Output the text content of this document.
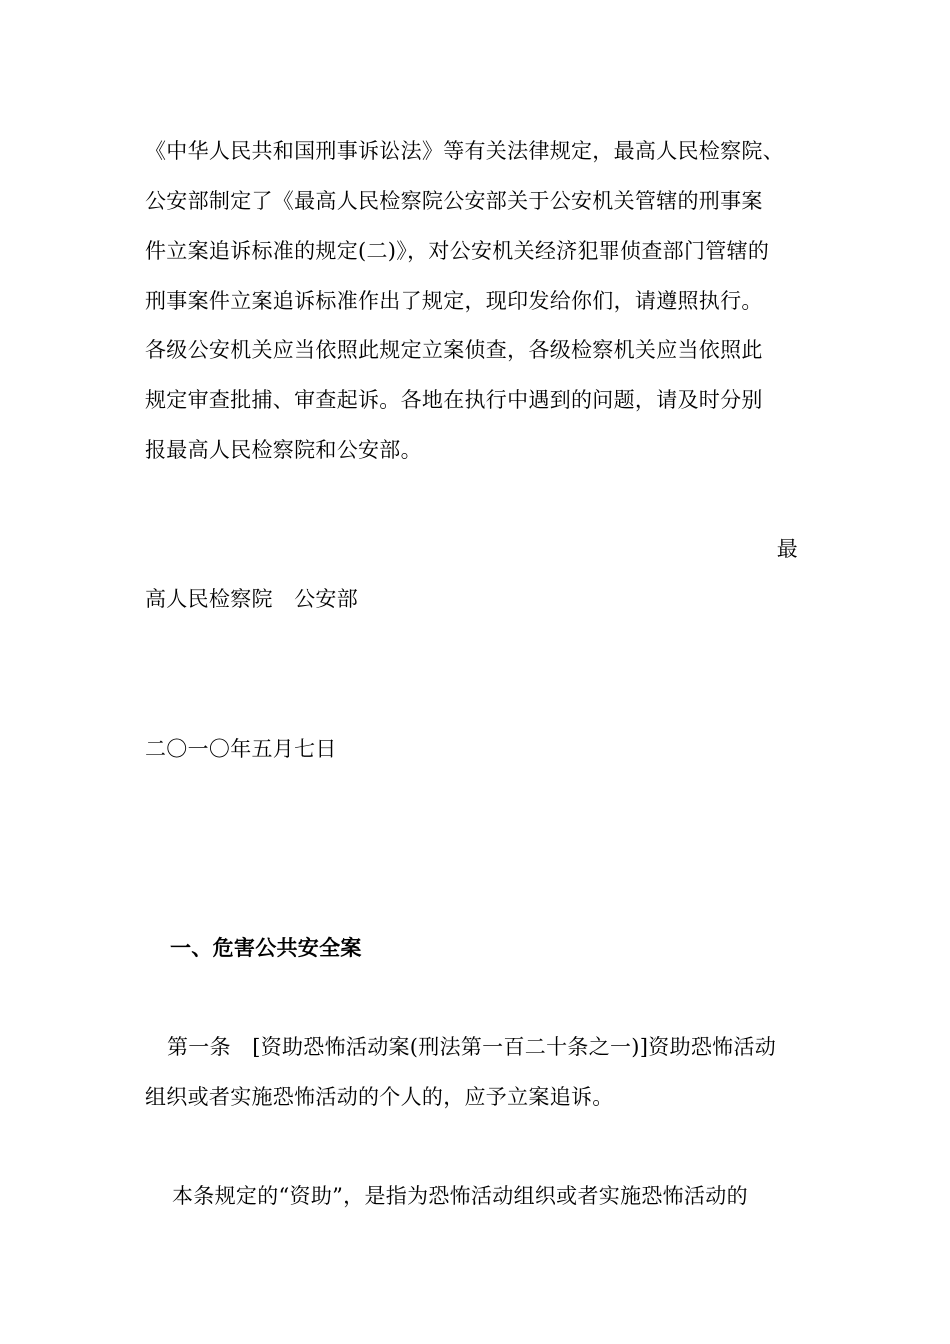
《中华人民共和国刑事诉讼法》等有关法律规定，最高人民检察院、
公安部制定了《最高人民检察院公安部关于公安机关管辖的刑事案
件立案追诉标准的规定(二)》，对公安机关经济犯罪侦查部门管辖的
刑事案件立案追诉标准作出了规定，现印发给你们，请遵照执行。
各级公安机关应当依照此规定立案侦查，各级检察机关应当依照此
规定审查批捕、审查起诉。各地在执行中遇到的问题，请及时分别
报最高人民检察院和公安部。
最
高人民检察院　公安部
二〇一〇年五月七日
一、危害公共安全案
第一条　[资助恐怖活动案(刑法第一百二十条之一)]资助恐怖活动
组织或者实施恐怖活动的个人的，应予立案追诉。
本条规定的“资助”，是指为恐怖活动组织或者实施恐怖活动的
